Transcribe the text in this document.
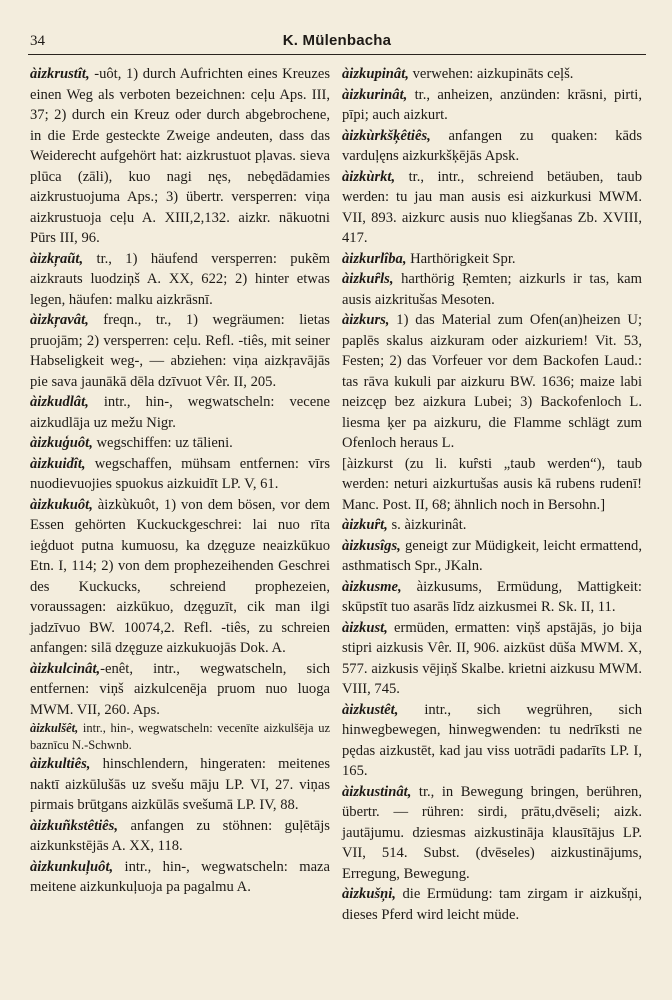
34	K. Mülenbacha

àizkrustît, -uôt, 1) durch Aufrichten eines Kreuzes einen Weg als verboten bezeichnen: ceļu Aps. III, 37; 2) durch ein Kreuz oder durch abgebrochene, in die Erde gesteckte Zweige andeuten, dass das Weiderecht aufgehört hat: aizkrustuot pļavas. sieva plūca (zāli), kuo nagi nęs, nebędādamies aizkrustuojuma Aps.; 3) übertr. versperren: viņa aizkrustuoja ceļu A. XIII,2,132. aizkr. nākuotni Pūrs III, 96.

àizkŗaũt, tr., 1) häufend versperren: pukẽm aizkrauts luodziņš A. XX, 622; 2) hinter etwas legen, häufen: malku aizkrāsnī.

àizkŗavât, freqn., tr., 1) wegräumen: lietas pruojām; 2) versperren: ceļu. Refl. -tiês, mit seiner Habseligkeit weg-, — abziehen: viņa aizkŗavājās pie sava jaunākā dēla dzīvuot Vêr. II, 205.

àizkudlât, intr., hin-, wegwatscheln: vecene aizkudlāja uz mežu Nigr.

àizkuģuôt, wegschiffen: uz tālieni.

àizkuidît, wegschaffen, mühsam entfernen: vīrs nuodievuojies spuokus aizkuidīt LP. V, 61.

àizkukuôt, àizkùkuôt, 1) von dem bösen, vor dem Essen gehörten Kuckuckgeschrei: lai nuo rīta ieģduot putna kumuosu, ka dzęguze neaizkūkuo Etn. I, 114; 2) von dem prophezeihenden Geschrei des Kuckucks, schreiend prophezeien, voraussagen: aizkūkuo, dzęguzīt, cik man ilgi jadzīvuo BW. 10074,2. Refl. -tiês, zu schreien anfangen: silā dzęguze aizkukuojās Dok. A.

àizkulcinât,-enêt, intr., wegwatscheln, sich entfernen: viņš aizkulcenēja pruom nuo luoga MWM. VII, 260. Aps.

àizkulšêt, intr., hin-, wegwatscheln: vecenīte aizkulšēja uz baznīcu N.-Schwnb.

àizkultiês, hinschlendern, hingeraten: meitenes naktī aizkūlušās uz svešu māju LP. VI, 27. viņas pirmais brūtgans aizkūlās svešumā LP. IV, 88.

àizkuñkstêtiês, anfangen zu stöhnen: guļētājs aizkunkstējās A. XX, 118.

àizkunkuļuôt, intr., hin-, wegwatscheln: maza meitene aizkunkuļuoja pa pagalmu A.

àizkupinât, verwehen: aizkupināts ceļš.

àizkurinât, tr., anheizen, anzünden: krāsni, pirti, pīpi; auch aizkurt.

àizkùrkšķêtiês, anfangen zu quaken: kāds varduļęns aizkurkšķējās Apsk.

àizkùrkt, tr., intr., schreiend betäuben, taub werden: tu jau man ausis esi aizkurkusi MWM. VII, 893. aizkurc ausis nuo kliegšanas Zb. XVIII, 417.

àizkurlîba, Harthörigkeit Spr.

àizkuȓls, harthörig Ŗemten; aizkurls ir tas, kam ausis aizkritušas Mesoten.

àizkurs, 1) das Material zum Ofen(an)heizen U; paplēs skalus aizkuram oder aizkuriem! Vit. 53, Festen; 2) das Vorfeuer vor dem Backofen Laud.: tas rāva kukuli par aizkuru BW. 1636; maize labi neizcęp bez aizkura Lubei; 3) Backofenloch L. liesma ķer pa aizkuru, die Flamme schlägt zum Ofenloch heraus L.

[àizkurst (zu li. kuȓsti „taub werden“), taub werden: neturi aizkurtušas ausis kā rubens rudenī! Manc. Post. II, 68; ähnlich noch in Bersohn.]

àizkuȓt, s. àizkurinât.

àizkusîgs, geneigt zur Müdigkeit, leicht ermattend, asthmatisch Spr., JKaln.

àizkusme, àizkusums, Ermüdung, Mattigkeit: skūpstīt tuo asarās līdz aizkusmei R. Sk. II, 11.

àizkust, ermüden, ermatten: viņš apstājās, jo bija stipri aizkusis Vêr. II, 906. aizkūst dūša MWM. X, 577. aizkusis vējiņš Skalbe. krietni aizkusu MWM. VIII, 745.

àizkustêt, intr., sich wegrühren, sich hinwegbewegen, hinwegwenden: tu nedrīksti ne pędas aizkustēt, kad jau viss uotrādi padarīts LP. I, 165.

àizkustinât, tr., in Bewegung bringen, berühren, übertr. — rühren: sirdi, prātu,dvēseli; aizk. jautājumu. dziesmas aizkustināja klausītājus LP. VII, 514. Subst. (dvēseles) aizkustinājums, Erregung, Bewegung.

àizkušņi, die Ermüdung: tam zirgam ir aizkušņi, dieses Pferd wird leicht müde.
